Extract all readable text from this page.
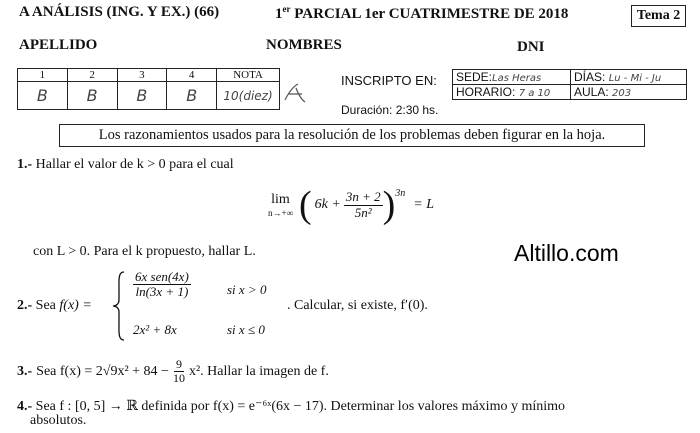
A ANÁLISIS (ING. Y EX.) (66)	1er PARCIAL 1er CUATRIMESTRE DE 2018	Tema 2
APELLIDO	NOMBRES	DNI
1	2	3	4	NOTA
B	B	B	B	10(diez)
INSCRIPTO EN: SEDE:Las Heras	DÍAS: Lu - Mi - Ju
HORARIO: 7 a 10	AULA: 203
Duración: 2:30 hs.
Los razonamientos usados para la resolución de los problemas deben figurar en la hoja.
1.- Hallar el valor de k > 0 para el cual
lim
n→+∞ ( $6k + \frac{3n + 2}{\text{5n²}}$ ) 3n
= L
con L > 0. Para el k propuesto, hallar L.	Altillo.com
2.- Sea f(x) =
$\frac{\text{6x sen(4x)}}{\ln(3x + 1)}$	si x > 0
2x² + 8x	si x ≤ 0
. Calcular, si existe, f′(0).
3.- Sea $f(x) = 2√9x^2 + 84 - \frac{9}{10} x^2$. Hallar la imagen de f.
4.- Sea f : [0, 5] → ℝ definida por f(x) = e⁻⁶ˣ(6x − 17). Determinar los valores máximo y mínimo
absolutos.
